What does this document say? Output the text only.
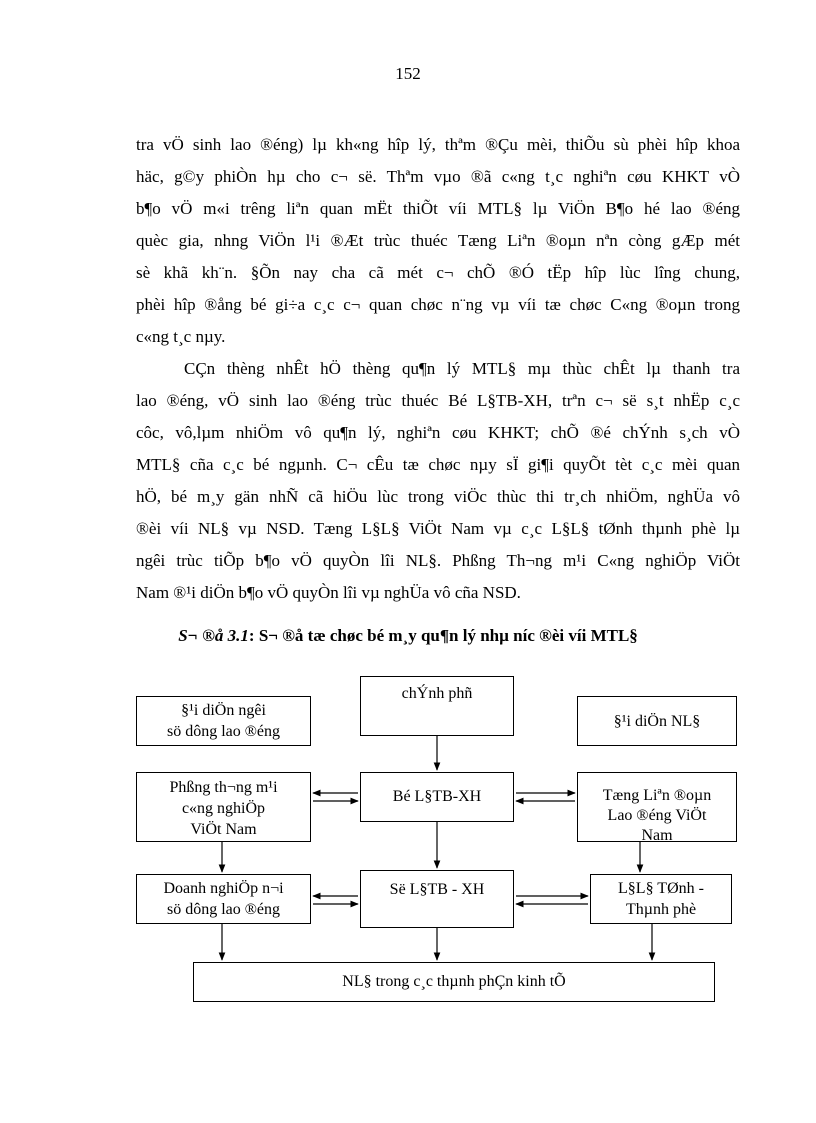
152

tra vÖ sinh lao ®éng) lµ kh«ng hîp lý, thªm ®Çu mèi, thiÕu sù phèi hîp khoa
häc, g©y phiÒn hµ cho c¬ së. Thªm vµo ®ã c«ng t¸c nghiªn cøu KHKT vÒ
b¶o vÖ m«i trêng liªn quan mËt thiÕt víi MTL§ lµ ViÖn B¶o hé lao ®éng
quèc gia, nhng ViÖn l¹i ®Æt trùc thuéc Tæng Liªn ®oµn nªn còng gÆp mét
sè khã kh¨n. §Õn nay cha cã mét c¬ chÕ ®Ó tËp hîp lùc lîng chung,
phèi hîp ®ång bé gi÷a c¸c c¬ quan chøc n¨ng vµ víi tæ chøc C«ng ®oµn trong
c«ng t¸c nµy.

CÇn thèng nhÊt hÖ thèng qu¶n lý MTL§ mµ thùc chÊt lµ thanh tra
lao ®éng, vÖ sinh lao ®éng trùc thuéc Bé L§TB-XH, trªn c¬ së s¸t nhËp c¸c
côc, vô,lµm nhiÖm vô qu¶n lý, nghiªn cøu KHKT; chÕ ®é chÝnh s¸ch vÒ
MTL§ cña c¸c bé ngµnh. C¬ cÊu tæ chøc nµy sÏ gi¶i quyÕt tèt c¸c mèi quan
hÖ, bé m¸y gän nhÑ cã hiÖu lùc trong viÖc thùc thi tr¸ch nhiÖm, nghÜa vô
®èi víi NL§ vµ NSD. Tæng L§L§ ViÖt Nam vµ c¸c L§L§ tØnh thµnh phè lµ
ngêi trùc tiÕp b¶o vÖ quyÒn lîi NL§. Phßng Th¬ng m¹i C«ng nghiÖp ViÖt
Nam ®¹i diÖn b¶o vÖ quyÒn lîi vµ nghÜa vô cña NSD.

S¬ ®å 3.1: S¬ ®å tæ chøc bé m¸y qu¶n lý nhµ níc ®èi víi MTL§
chÝnh phñ
§¹i diÖn ngêi
sö dông lao ®éng
§¹i diÖn NL§
Phßng th¬ng m¹i
c«ng nghiÖp
ViÖt Nam
Bé L§TB-XH	Tæng Liªn ®oµn
Lao ®éng ViÖt
Nam
Doanh nghiÖp n¬i
sö dông lao ®éng
Së L§TB - XH	L§L§ TØnh -
Thµnh phè
NL§ trong c¸c thµnh phÇn kinh tÕ
